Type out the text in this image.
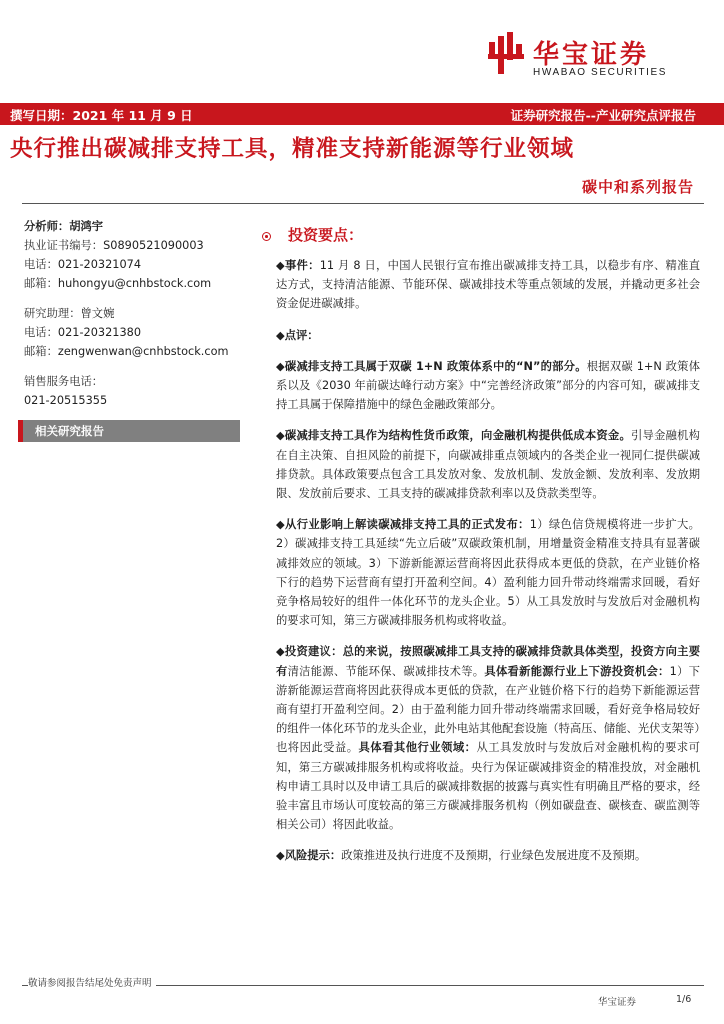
华宝证券
HWABAO SECURITIES
撰写日期：2021 年 11 月 9 日	证券研究报告--产业研究点评报告
央行推出碳减排支持工具，精准支持新能源等行业领域
碳中和系列报告
分析师：胡鸿宇
执业证书编号：S0890521090003
电话：021-20321074
邮箱：huhongyu@cnhbstock.com
研究助理：曾文婉
电话：021-20321380
邮箱：zengwenwan@cnhbstock.com
销售服务电话：
021-20515355
相关研究报告
投资要点：

◆事件：11 月 8 日，中国人民银行宣布推出碳减排支持工具，以稳步有序、精准直达方式，支持清洁能源、节能环保、碳减排技术等重点领域的发展，并撬动更多社会资金促进碳减排。

◆点评：

◆碳减排支持工具属于双碳 1+N 政策体系中的“N”的部分。根据双碳 1+N 政策体系以及《2030 年前碳达峰行动方案》中“完善经济政策”部分的内容可知，碳减排支持工具属于保障措施中的绿色金融政策部分。

◆碳减排支持工具作为结构性货币政策，向金融机构提供低成本资金。引导金融机构在自主决策、自担风险的前提下，向碳减排重点领域内的各类企业一视同仁提供碳减排贷款。具体政策要点包含工具发放对象、发放机制、发放金额、发放利率、发放期限、发放前后要求、工具支持的碳减排贷款利率以及贷款类型等。

◆从行业影响上解读碳减排支持工具的正式发布：1）绿色信贷规模将进一步扩大。2）碳减排支持工具延续“先立后破”双碳政策机制，用增量资金精准支持具有显著碳减排效应的领域。3）下游新能源运营商将因此获得成本更低的贷款，在产业链价格下行的趋势下运营商有望打开盈利空间。4）盈利能力回升带动终端需求回暖，看好竞争格局较好的组件一体化环节的龙头企业。5）从工具发放时与发放后对金融机构的要求可知，第三方碳减排服务机构或将收益。

◆投资建议：总的来说，按照碳减排工具支持的碳减排贷款具体类型，投资方向主要有清洁能源、节能环保、碳减排技术等。具体看新能源行业上下游投资机会：1）下游新能源运营商将因此获得成本更低的贷款，在产业链价格下行的趋势下新能源运营商有望打开盈利空间。2）由于盈利能力回升带动终端需求回暖，看好竞争格局较好的组件一体化环节的龙头企业，此外电站其他配套设施（特高压、储能、光伏支架等）也将因此受益。具体看其他行业领域：从工具发放时与发放后对金融机构的要求可知，第三方碳减排服务机构或将收益。央行为保证碳减排资金的精准投放，对金融机构申请工具时以及申请工具后的碳减排数据的披露与真实性有明确且严格的要求，经验丰富且市场认可度较高的第三方碳减排服务机构（例如碳盘查、碳核查、碳监测等相关公司）将因此收益。

◆风险提示：政策推进及执行进度不及预期，行业绿色发展进度不及预期。

敬请参阅报告结尾处免责声明
华宝证券	1/6
